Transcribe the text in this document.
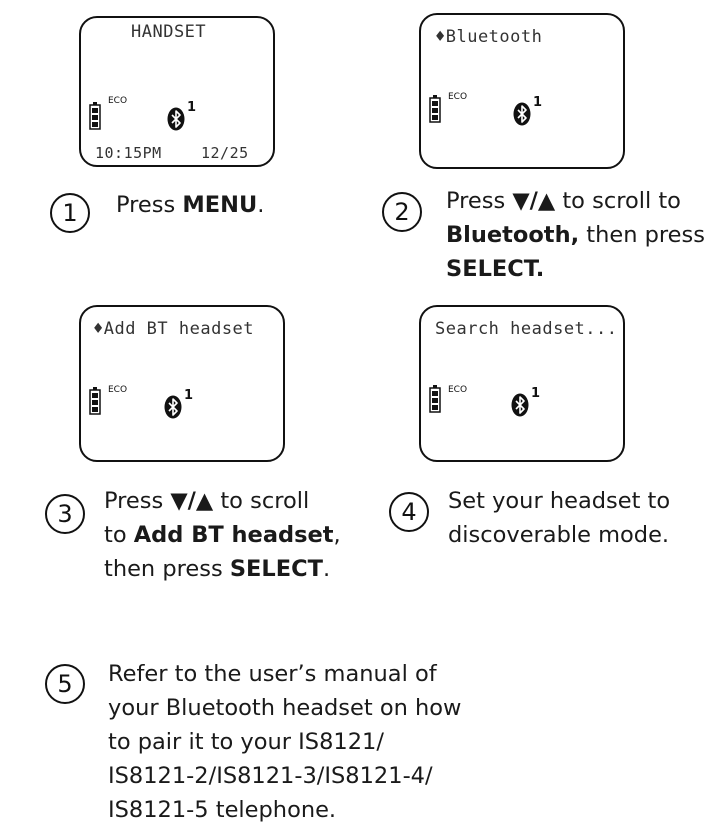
HANDSET
ECO	1
10:15PM	12/25
♦Bluetooth
ECO	1
♦Add BT headset
ECO	1
Search headset...
ECO	1
1	Press MENU.	2	Press ▼/▲ to scroll to
Bluetooth, then press
SELECT.
3	Press ▼/▲ to scroll
to Add BT headset,
then press SELECT.
4	Set your headset to
discoverable mode.
5	Refer to the user’s manual of
your Bluetooth headset on how
to pair it to your IS8121/
IS8121-2/IS8121-3/IS8121-4/
IS8121-5 telephone.
